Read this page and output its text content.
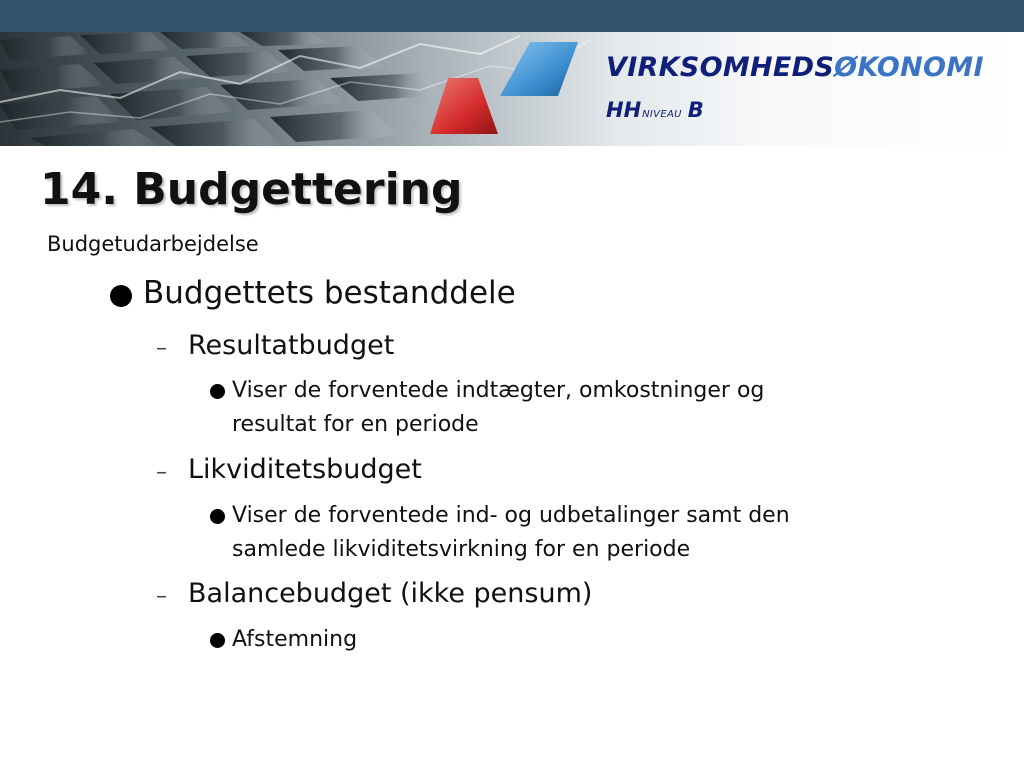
VIRKSOMHEDSØKONOMI
HHNIVEAU B
14. Budgettering
Budgetudarbejdelse
Budgettets bestanddele
– Resultatbudget
Viser de forventede indtægter, omkostninger og
resultat for en periode
– Likviditetsbudget
Viser de forventede ind- og udbetalinger samt den
samlede likviditetsvirkning for en periode
– Balancebudget (ikke pensum)
Afstemning
